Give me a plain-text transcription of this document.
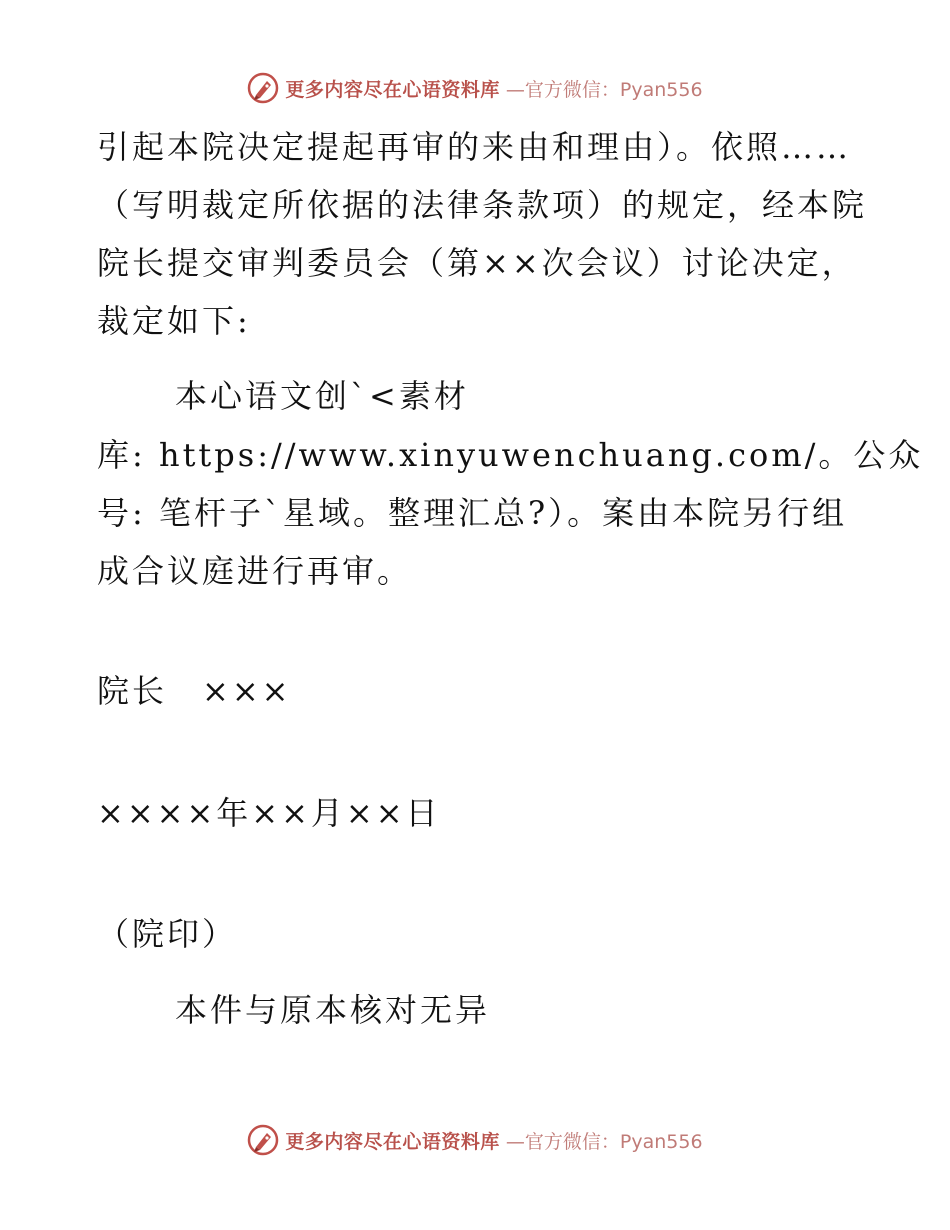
更多内容尽在心语资料库 —官方微信：Pyan556
引起本院决定提起再审的来由和理由）。依照……
（写明裁定所依据的法律条款项）的规定，经本院
院长提交审判委员会（第××次会议）讨论决定，
裁定如下:
本心语文创`<素材
库: https://www.xinyuwenchuang.com/。公众
号: 笔杆子`星域。整理汇总?）。案由本院另行组
成合议庭进行再审。
院长　×××
××××年××月××日
（院印）
本件与原本核对无异
更多内容尽在心语资料库 —官方微信：Pyan556
